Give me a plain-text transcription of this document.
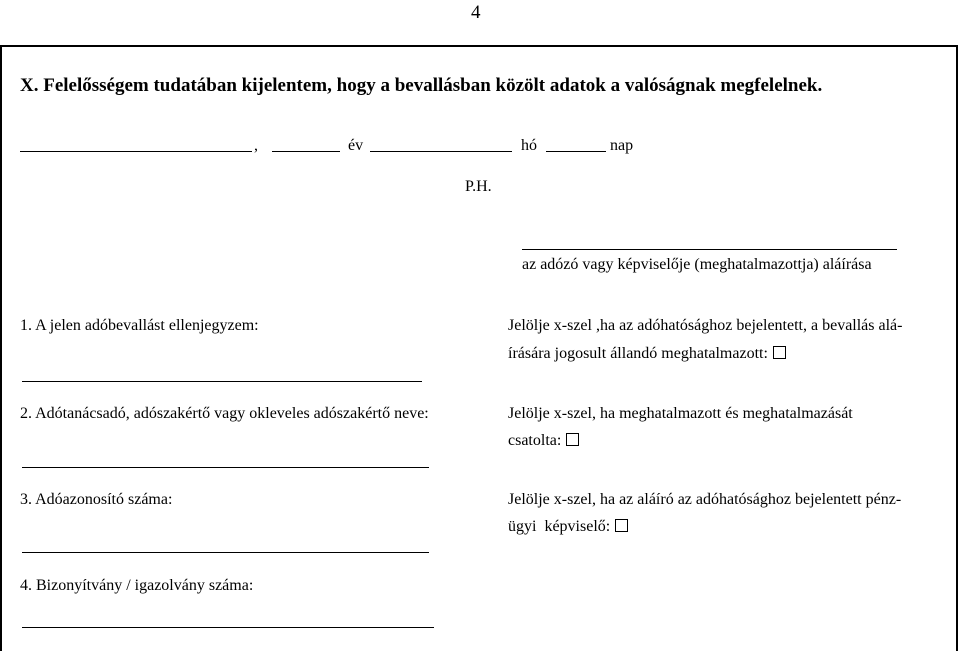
4
X. Felelősségem tudatában kijelentem, hogy a bevallásban közölt adatok a valóságnak megfelelnek.
,	év	hó	nap
P.H.
az adózó vagy képviselője (meghatalmazottja) aláírása
1. A jelen adóbevallást ellenjegyzem:	Jelölje x-szel ,ha az adóhatósághoz bejelentett, a bevallás alá-
írására jogosult állandó meghatalmazott:
2. Adótanácsadó, adószakértő vagy okleveles adószakértő neve:	Jelölje x-szel, ha meghatalmazott és meghatalmazását
csatolta:
3. Adóazonosító száma:	Jelölje x-szel, ha az aláíró az adóhatósághoz bejelentett pénz-
ügyi  képviselő:
4. Bizonyítvány / igazolvány száma:
